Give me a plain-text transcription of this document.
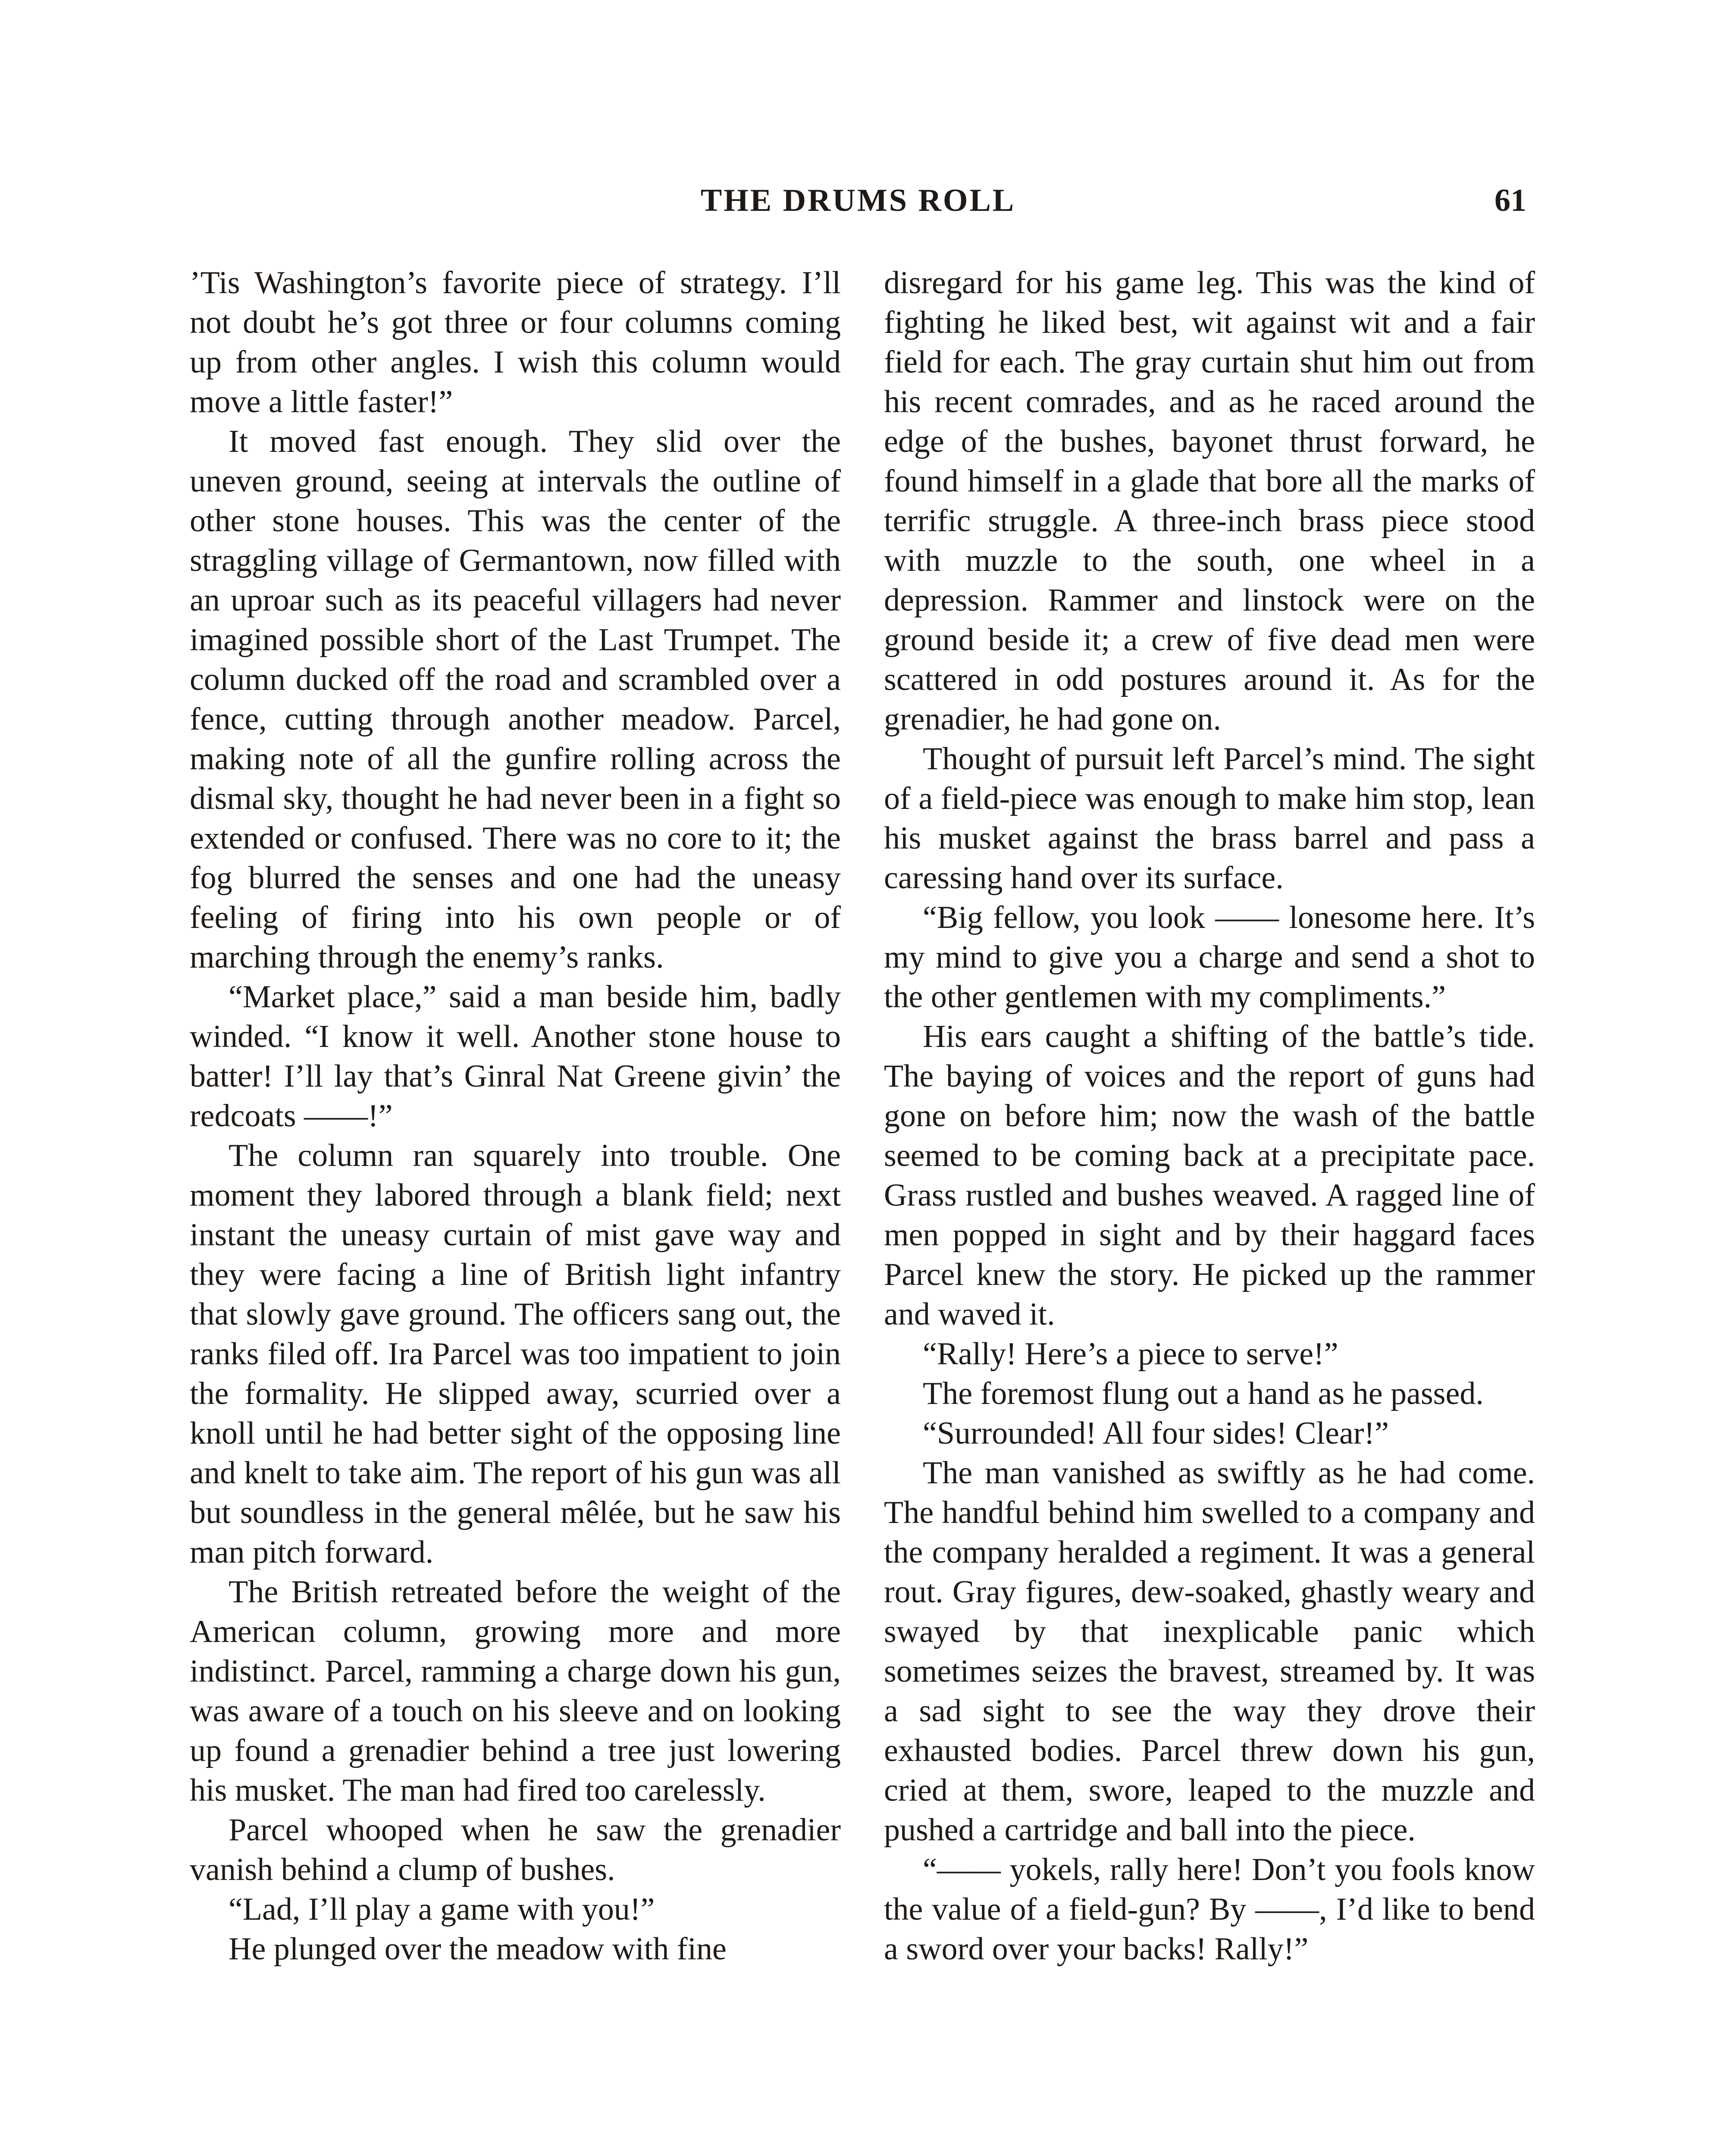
THE DRUMS ROLL	61

’Tis Washington’s favorite piece of strategy. I’ll not doubt he’s got three or four columns coming up from other angles. I wish this column would move a little faster!”

It moved fast enough. They slid over the uneven ground, seeing at intervals the outline of other stone houses. This was the center of the straggling village of Germantown, now filled with an uproar such as its peaceful villagers had never imagined possible short of the Last Trumpet. The column ducked off the road and scrambled over a fence, cutting through another meadow. Parcel, making note of all the gunfire rolling across the dismal sky, thought he had never been in a fight so extended or confused. There was no core to it; the fog blurred the senses and one had the uneasy feeling of firing into his own people or of marching through the enemy’s ranks.

“Market place,” said a man beside him, badly winded. “I know it well. Another stone house to batter! I’ll lay that’s Ginral Nat Greene givin’ the redcoats ——!”

The column ran squarely into trouble. One moment they labored through a blank field; next instant the uneasy curtain of mist gave way and they were facing a line of British light infantry that slowly gave ground. The officers sang out, the ranks filed off. Ira Parcel was too impatient to join the formality. He slipped away, scurried over a knoll until he had better sight of the opposing line and knelt to take aim. The report of his gun was all but soundless in the general mêlée, but he saw his man pitch forward.

The British retreated before the weight of the American column, growing more and more indistinct. Parcel, ramming a charge down his gun, was aware of a touch on his sleeve and on looking up found a grenadier behind a tree just lowering his musket. The man had fired too carelessly.

Parcel whooped when he saw the grenadier vanish behind a clump of bushes.

“Lad, I’ll play a game with you!”

He plunged over the meadow with fine

disregard for his game leg. This was the kind of fighting he liked best, wit against wit and a fair field for each. The gray curtain shut him out from his recent comrades, and as he raced around the edge of the bushes, bayonet thrust forward, he found himself in a glade that bore all the marks of terrific struggle. A three-inch brass piece stood with muzzle to the south, one wheel in a depression. Rammer and linstock were on the ground beside it; a crew of five dead men were scattered in odd postures around it. As for the grenadier, he had gone on.

Thought of pursuit left Parcel’s mind. The sight of a field-piece was enough to make him stop, lean his musket against the brass barrel and pass a caressing hand over its surface.

“Big fellow, you look —— lonesome here. It’s my mind to give you a charge and send a shot to the other gentlemen with my compliments.”

His ears caught a shifting of the battle’s tide. The baying of voices and the report of guns had gone on before him; now the wash of the battle seemed to be coming back at a precipitate pace. Grass rustled and bushes weaved. A ragged line of men popped in sight and by their haggard faces Parcel knew the story. He picked up the rammer and waved it.

“Rally! Here’s a piece to serve!”

The foremost flung out a hand as he passed.

“Surrounded! All four sides! Clear!”

The man vanished as swiftly as he had come. The handful behind him swelled to a company and the company heralded a regiment. It was a general rout. Gray figures, dew-soaked, ghastly weary and swayed by that inexplicable panic which sometimes seizes the bravest, streamed by. It was a sad sight to see the way they drove their exhausted bodies. Parcel threw down his gun, cried at them, swore, leaped to the muzzle and pushed a cartridge and ball into the piece.

“—— yokels, rally here! Don’t you fools know the value of a field-gun? By ——, I’d like to bend a sword over your backs! Rally!”
